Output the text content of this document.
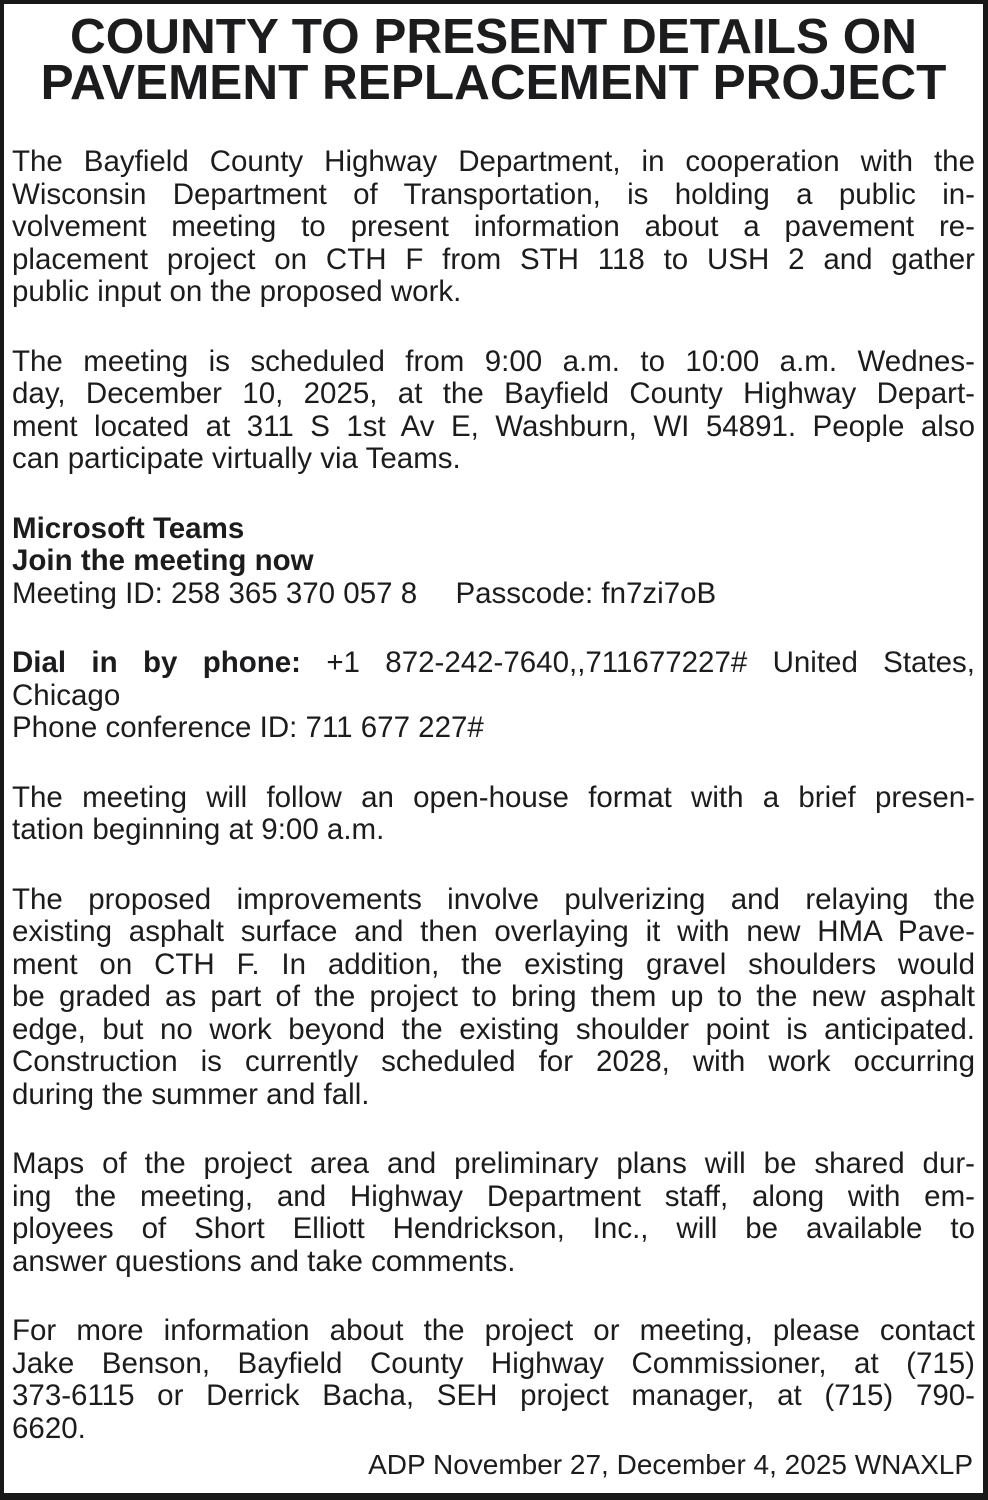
COUNTY TO PRESENT DETAILS ON
PAVEMENT REPLACEMENT PROJECT
The Bayfield County Highway Department, in cooperation with the
Wisconsin Department of Transportation, is holding a public in-
volvement meeting to present information about a pavement re-
placement project on CTH F from STH 118 to USH 2 and gather
public input on the proposed work.
The meeting is scheduled from 9:00 a.m. to 10:00 a.m. Wednes-
day, December 10, 2025, at the Bayfield County Highway Depart-
ment located at 311 S 1st Av E, Washburn, WI 54891. People also
can participate virtually via Teams.
Microsoft Teams
Join the meeting now
Meeting ID: 258 365 370 057 8 Passcode: fn7zi7oB
Dial in by phone: +1 872-242-7640,,711677227# United States,
Chicago
Phone conference ID: 711 677 227#
The meeting will follow an open-house format with a brief presen-
tation beginning at 9:00 a.m.
The proposed improvements involve pulverizing and relaying the
existing asphalt surface and then overlaying it with new HMA Pave-
ment on CTH F. In addition, the existing gravel shoulders would
be graded as part of the project to bring them up to the new asphalt
edge, but no work beyond the existing shoulder point is anticipated.
Construction is currently scheduled for 2028, with work occurring
during the summer and fall.
Maps of the project area and preliminary plans will be shared dur-
ing the meeting, and Highway Department staff, along with em-
ployees of Short Elliott Hendrickson, Inc., will be available to
answer questions and take comments.
For more information about the project or meeting, please contact
Jake Benson, Bayfield County Highway Commissioner, at (715)
373-6115 or Derrick Bacha, SEH project manager, at (715) 790-
6620.
ADP November 27, December 4, 2025 WNAXLP
